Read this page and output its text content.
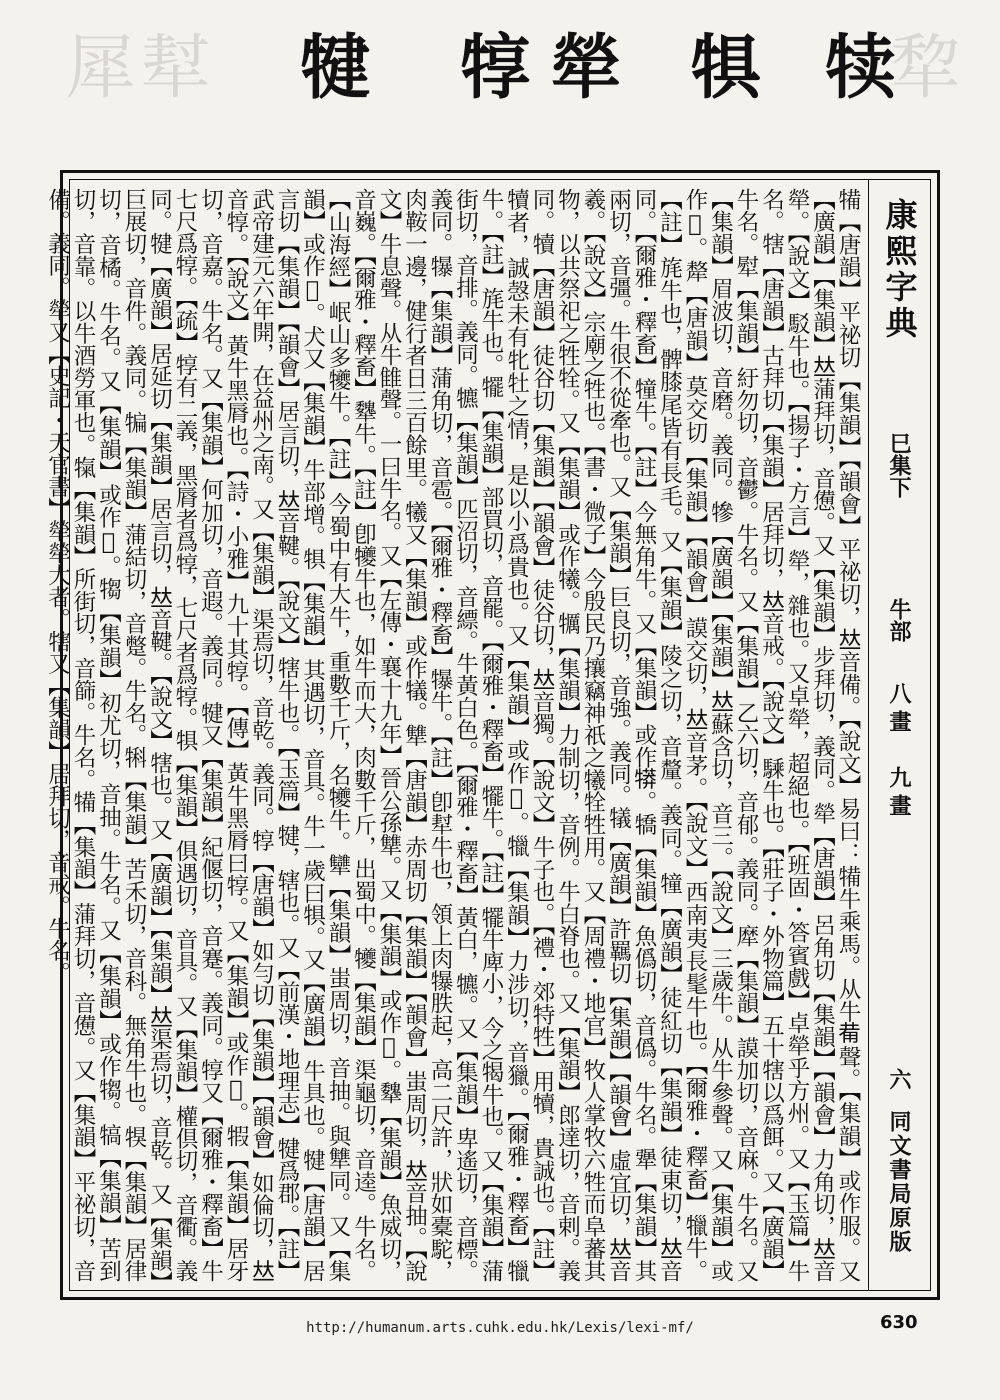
犀
犎 犍 犉 犖 犋 犊
犂
康熙字典
巳集下
牛部
八畫　九畫
六
同文書局原版
犕【唐韻】平祕切【集韻】【韻會】平祕切，𠀤音備。【說文】易曰：犕牛乘馬。从牛𤰇聲。【集韻】或作服。又【廣韻】【集韻】𠀤蒲拜切，音憊。又【集韻】步拜切，義同。犖【唐韻】呂角切【集韻】【韻會】力角切，𠀤音犖。【說文】駁牛也。【揚子・方言】犖，雜也。又卓犖，超絕也。【班固・答賓戲】卓犖乎方州。又【玉篇】牛名。犗【唐韻】古拜切【集韻】居拜切，𠀤音戒。【說文】騬牛也。【莊子・外物篇】五十犗以爲餌。又【廣韻】牛名。犚【集韻】紆勿切，音鬱。牛名。又【集韻】乙六切，音郁。義同。犘【集韻】謨加切，音麻。牛名。又【集韻】眉波切，音磨。義同。犙【廣韻】【集韻】𠀤蘇含切，音三。【說文】三歲牛。从牛參聲。又【集韻】或作𤛓。犛【唐韻】莫交切【集韻】【韻會】謨交切，𠀤音茅。【說文】西南夷長髦牛也。【爾雅・釋畜】犣牛。【註】旄牛也，髀膝尾皆有長毛。又【集韻】陵之切，音釐。義同。犝【廣韻】徒紅切【集韻】徒東切，𠀤音同。【爾雅・釋畜】犝牛。【註】今無角牛。又【集韻】或作𤛘。犞【集韻】魚僞切，音僞。牛名。犟【集韻】其兩切，音彊。牛很不從牽也。又【集韻】巨良切，音強。義同。犠【廣韻】許羈切【集韻】【韻會】虛宜切，𠀤音羲。【說文】宗廟之牲也。【書・微子】今殷民乃攘竊神祇之犧牷牲用。又【周禮・地官】牧人掌牧六牲而阜蕃其物，以共祭祀之牲牷。又【集韻】或作犧。犡【集韻】力制切，音例。牛白脊也。又【集韻】郎達切，音剌。義同。犢【唐韻】徒谷切【集韻】【韻會】徒谷切，𠀤音獨。【說文】牛子也。【禮・郊特牲】用犢，貴誠也。【註】犢者，誠愨未有牝牡之情，是以小爲貴也。又【集韻】或作𤘏。犣【集韻】力涉切，音獵。【爾雅・釋畜】犣牛。【註】旄牛也。犤【集韻】部買切，音罷。【爾雅・釋畜】犤牛。【註】犤牛庳小，今之㹇牛也。又【集韻】蒲街切，音排。義同。犥【集韻】匹沼切，音縹。牛黃白色。【爾雅・釋畜】黃白，犥。又【集韻】卑遙切，音標。義同。犦【集韻】蒲角切，音雹。【爾雅・釋畜】犦牛。【註】卽犎牛也，領上肉犦胅起，高二尺許，狀如橐駝，肉鞍一邊，健行者日三百餘里。犧又【集韻】或作犠。犨【唐韻】赤周切【集韻】【韻會】蚩周切，𠀤音抽。【說文】牛息聲。从牛雔聲。一曰牛名。又【左傳・襄十九年】晉公孫犨。又【集韻】或作𤛢。犩【集韻】魚威切，音巍。【爾雅・釋畜】犩牛。【註】卽犪牛也，如牛而大，肉數千斤，出蜀中。犪【集韻】渠龜切，音逵。牛名。【山海經】岷山多犪牛。【註】今蜀中有大牛，重數千斤，名犪牛。犫【集韻】蚩周切，音抽。與犨同。又【集韻】或作𤛣。犬又【集韻】牛部增。犋【集韻】其遇切，音具。牛一歲曰犋。又【廣韻】牛具也。犍【唐韻】居言切【集韻】【韻會】居言切，𠀤音鞬。【說文】犗牛也。【玉篇】犍，辖也。又【前漢・地理志】犍爲郡。【註】武帝建元六年開，在益州之南。又【集韻】渠焉切，音乾。義同。犉【唐韻】如勻切【集韻】【韻會】如倫切，𠀤音犉。【說文】黃牛黑脣也。【詩・小雅】九十其犉。【傳】黃牛黑脣曰犉。又【集韻】或作𤚋。犌【集韻】居牙切，音嘉。牛名。又【集韻】何加切，音遐。義同。犍又【集韻】紀偃切，音蹇。義同。犉又【爾雅・釋畜】牛七尺爲犉。【疏】犉有二義，黑脣者爲犉，七尺者爲犉。犋【集韻】俱遇切，音具。又【集韻】權倶切，音衢。義同。犍【廣韻】居延切【集韻】居言切，𠀤音鞬。【說文】犗也。又【廣韻】【集韻】𠀤渠焉切，音乾。又【集韻】巨展切，音件。義同。犏【集韻】蒲結切，音蹩。牛名。犐【集韻】苦禾切，音科。無角牛也。犑【集韻】居律切，音橘。牛名。又【集韻】或作𤙢。犓【集韻】初尤切，音抽。牛名。又【集韻】或作犓。犒【集韻】苦到切，音靠。以牛酒勞軍也。犔【集韻】所街切，音篩。牛名。犕【集韻】蒲拜切，音憊。又【集韻】平祕切，音備。義同。犖又【史記・天官書】犖犖大者。犗又【集韻】居拜切，音戒。牛名。
http://humanum.arts.cuhk.edu.hk/Lexis/lexi-mf/	630
